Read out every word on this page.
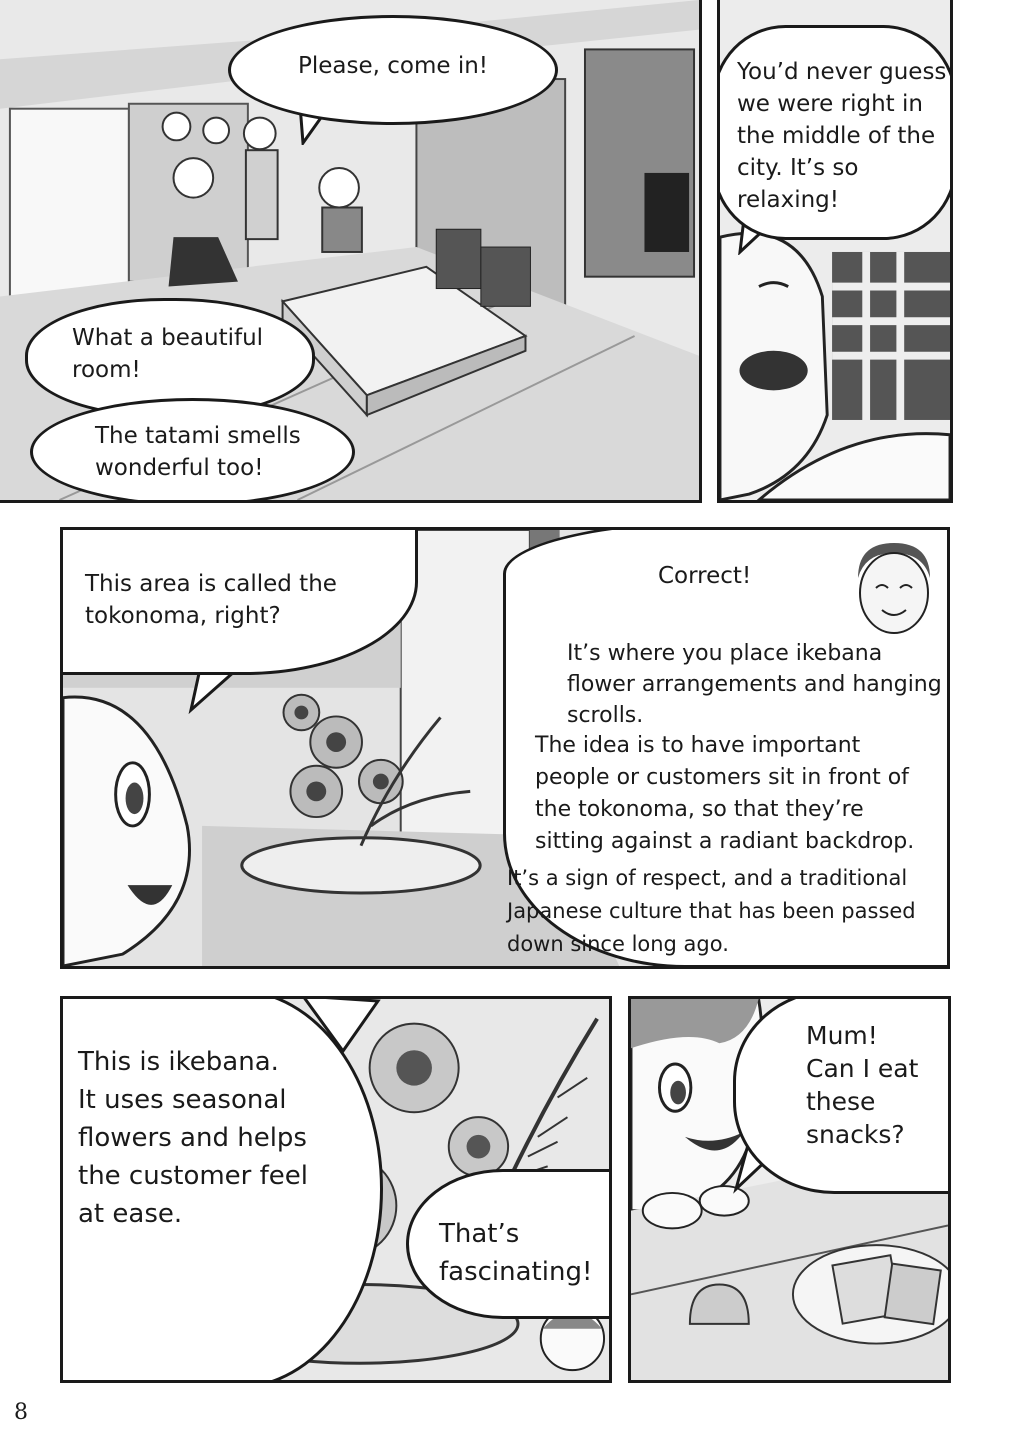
Please, come in!
What a beautiful
room!
The tatami smells
wonderful too!
You’d never guess
we were right in
the middle of the
city. It’s so
relaxing!
This area is called the
tokonoma, right?
Correct!
It’s where you place ikebana
flower arrangements and hanging
scrolls.
The idea is to have important
people or customers sit in front of
the tokonoma, so that they’re
sitting against a radiant backdrop.
It’s a sign of respect, and a traditional
Japanese culture that has been passed
down since long ago.
This is ikebana.
It uses seasonal
flowers and helps
the customer feel
at ease.
That’s
fascinating!
Mum!
Can I eat
these
snacks?
8
